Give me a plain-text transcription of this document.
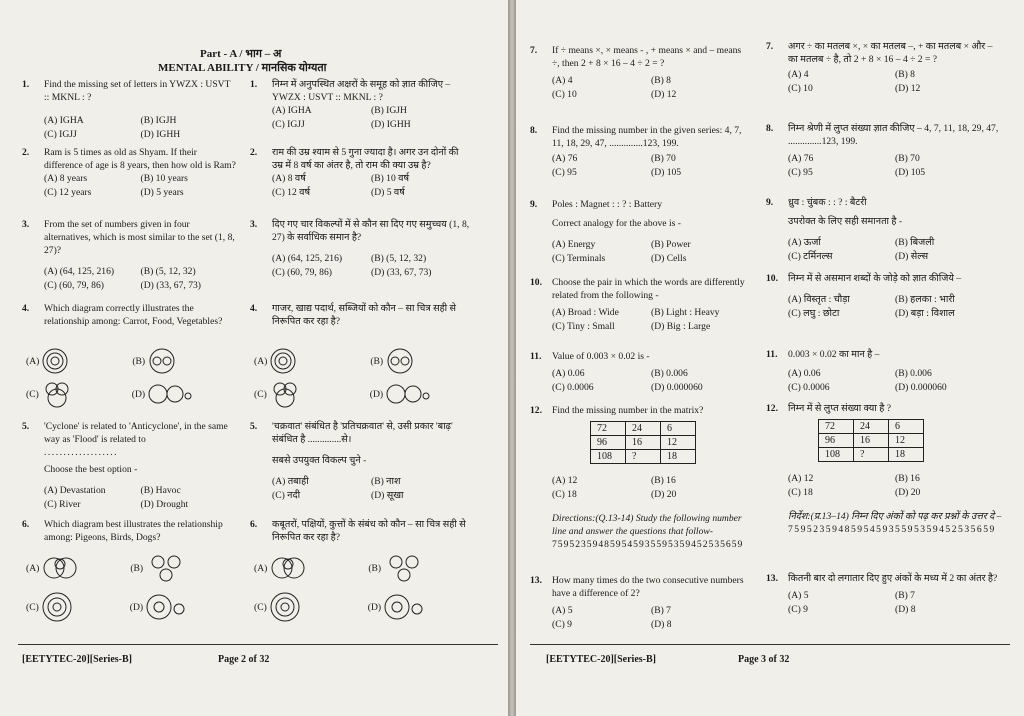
Part - A / भाग – अ
MENTAL ABILITY / मानसिक योग्यता
1. Find the missing set of letters in YWZX : USVT :: MKNL : ?
(A) IGHA	(B) IGJH
(C) IGJJ	(D) IGHH
2. Ram is 5 times as old as Shyam. If their difference of age is 8 years, then how old is Ram?
(A) 8 years	(B) 10 years
(C) 12 years	(D) 5 years
3. From the set of numbers given in four alternatives, which is most similar to the set (1, 8, 27)?
(A) (64, 125, 216)	(B) (5, 12, 32)
(C) (60, 79, 86)	(D) (33, 67, 73)
4. Which diagram correctly illustrates the relationship among: Carrot, Food, Vegetables?
(A)	(B)
(C)	(D)
5. 'Cyclone' is related to 'Anticyclone', in the same way as 'Flood' is related to
...................
Choose the best option -
(A) Devastation	(B) Havoc
(C) River	(D) Drought
6. Which diagram best illustrates the relationship among: Pigeons, Birds, Dogs?
(A)	(B)
(C)	(D)
1. निम्न में अनुपस्थित अक्षरों के समूह को ज्ञात कीजिए – YWZX : USVT :: MKNL : ?
(A) IGHA	(B) IGJH
(C) IGJJ	(D) IGHH
2. राम की उम्र श्याम से 5 गुना ज्यादा है। अगर उन दोनों की उम्र में 8 वर्ष का अंतर है, तो राम की क्या उम्र है?
(A) 8 वर्ष	(B) 10 वर्ष
(C) 12 वर्ष	(D) 5 वर्ष
3. दिए गए चार विकल्पों में से कौन सा दिए गए समुच्चय (1, 8, 27) के सर्वाधिक समान है?
(A) (64, 125, 216)	(B) (5, 12, 32)
(C) (60, 79, 86)	(D) (33, 67, 73)
4. गाजर, खाद्य पदार्थ, सब्जियों को कौन – सा चित्र सही से निरूपित कर रहा है?
(A)	(B)
(C)	(D)
5. 'चक्रवात' संबंधित है 'प्रतिचक्रवात' से, उसी प्रकार 'बाढ़' संबंधित है ..............से।
सबसे उपयुक्त विकल्प चुने -
(A) तबाही	(B) नाश
(C) नदी	(D) सूखा
6. कबूतरों, पक्षियों, कुत्तों के संबंध को कौन – सा चित्र सही से निरूपित कर रहा है?
(A)	(B)
(C)	(D)
[EETYTEC-20][Series-B]	Page 2 of 32
7. If ÷ means ×, × means - , + means × and – means ÷, then 2 + 8 × 16 – 4 ÷ 2 = ?
(A) 4	(B) 8
(C) 10	(D) 12
8. Find the missing number in the given series: 4, 7, 11, 18, 29, 47, ..............123, 199.
(A) 76	(B) 70
(C) 95	(D) 105
9. Poles : Magnet : : ? : Battery
Correct analogy for the above is -
(A) Energy	(B) Power
(C) Terminals	(D) Cells
10. Choose the pair in which the words are differently related from the following -
(A) Broad : Wide	(B) Light : Heavy
(C) Tiny : Small	(D) Big : Large
11. Value of 0.003 × 0.02 is -
(A) 0.06	(B) 0.006
(C) 0.0006	(D) 0.000060
12. Find the missing number in the matrix?
72	24	6
96	16	12
108	?	18
(A) 12	(B) 16
(C) 18	(D) 20
Directions:(Q.13-14) Study the following number line and answer the questions that follow-
759523594859545935595359452535659
13. How many times do the two consecutive numbers have a difference of 2?
(A) 5	(B) 7
(C) 9	(D) 8
7. अगर ÷ का मतलब ×, × का मतलब –, + का मतलब × और – का मतलब ÷ है, तो 2 + 8 × 16 – 4 ÷ 2 = ?
(A) 4	(B) 8
(C) 10	(D) 12
8. निम्न श्रेणी में लुप्त संख्या ज्ञात कीजिए – 4, 7, 11, 18, 29, 47, ..............123, 199.
(A) 76	(B) 70
(C) 95	(D) 105
9. ध्रुव : चुंबक : : ? : बैटरी
उपरोक्त के लिए सही समानता है -
(A) ऊर्जा	(B) बिजली
(C) टर्मिनल्स	(D) सेल्स
10. निम्न में से असमान शब्दों के जोड़े को ज्ञात कीजिये –
(A) विस्तृत : चौड़ा	(B) हलका : भारी
(C) लघु : छोटा	(D) बड़ा : विशाल
11. 0.003 × 0.02 का मान है –
(A) 0.06	(B) 0.006
(C) 0.0006	(D) 0.000060
12. निम्न में से लुप्त संख्या क्या है ?
72	24	6
96	16	12
108	?	18
(A) 12	(B) 16
(C) 18	(D) 20
निर्देश:(प्र.13–14) निम्न दिए अंकों को पढ़ कर प्रश्नों के उत्तर दे –
759523594859545935595359452535659
13. कितनी बार दो लगातार दिए हुए अंकों के मध्य में 2 का अंतर है?
(A) 5	(B) 7
(C) 9	(D) 8
[EETYTEC-20][Series-B]	Page 3 of 32
